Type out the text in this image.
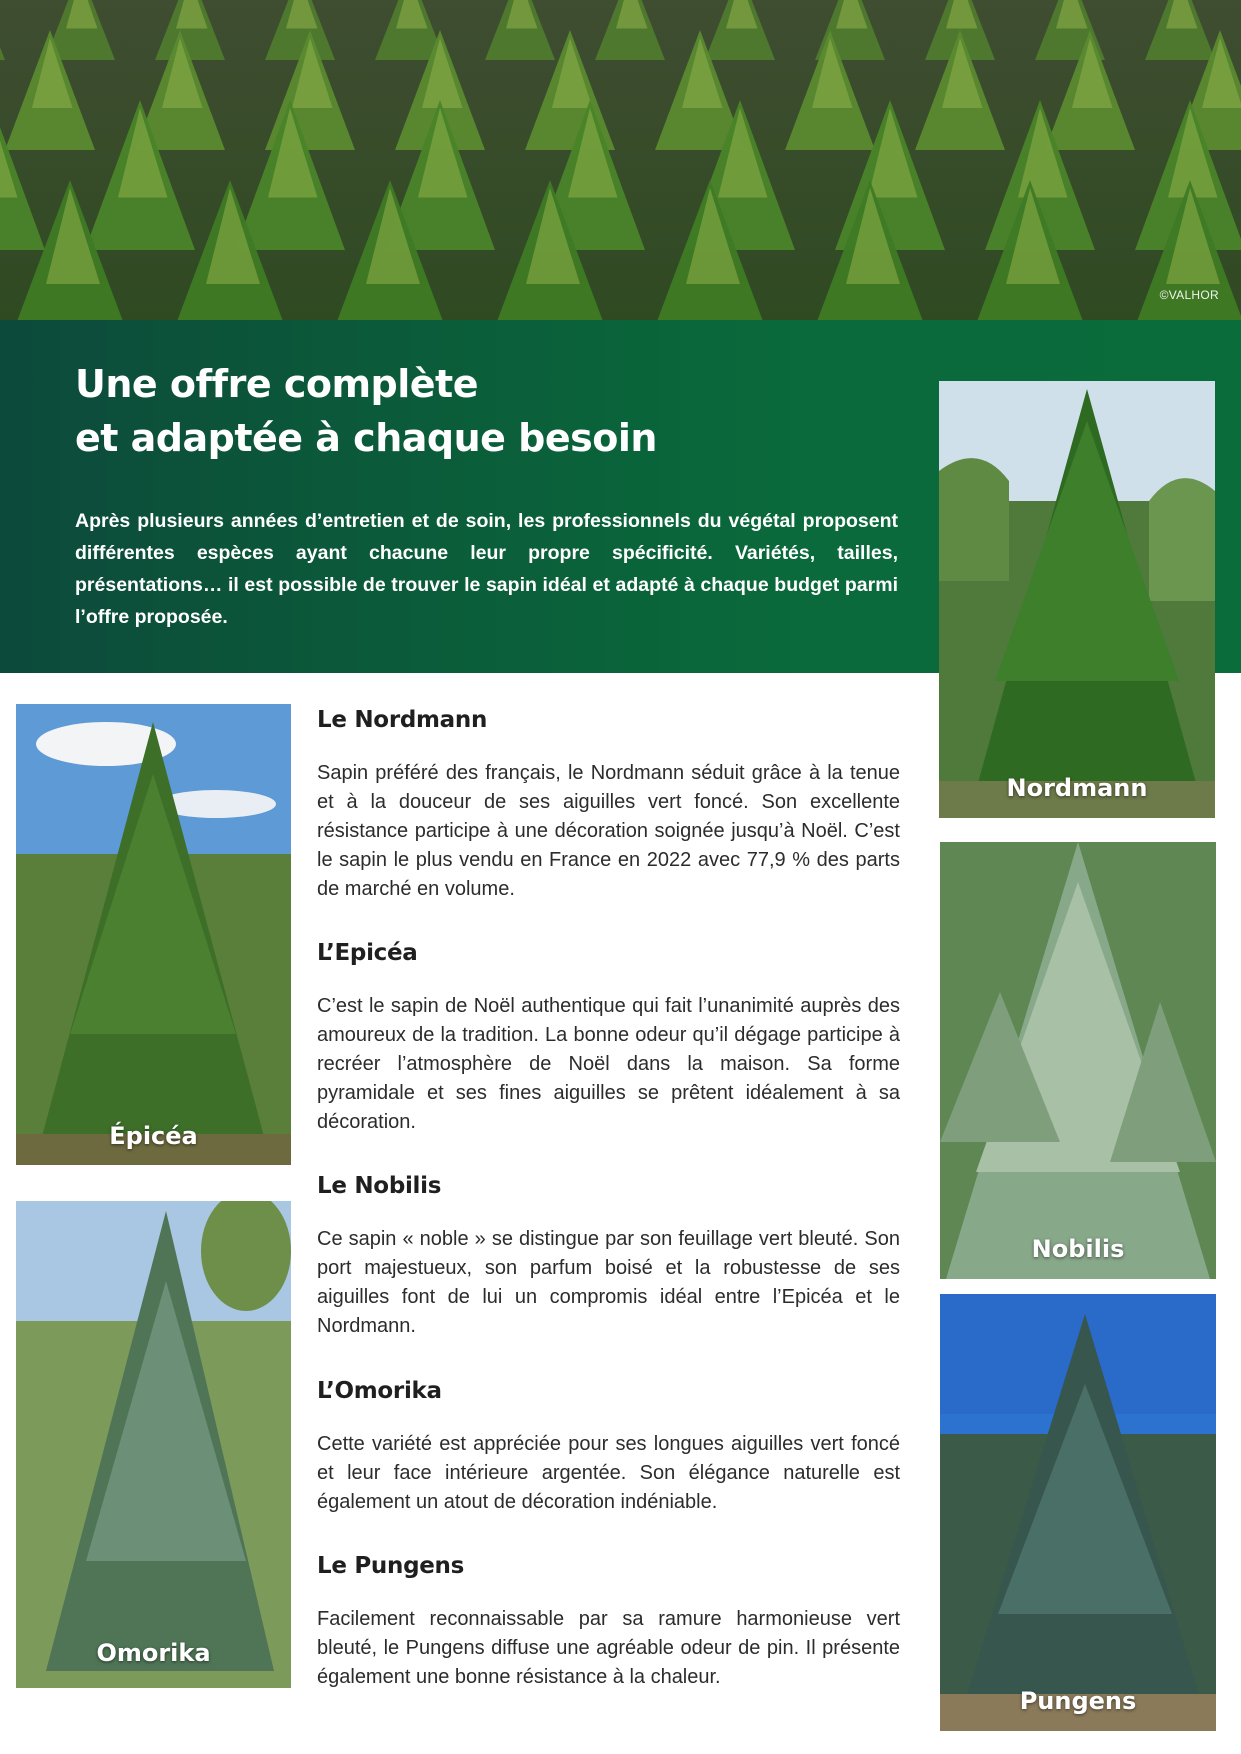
©VALHOR
Une offre complète
et adaptée à chaque besoin

Après plusieurs années d’entretien et de soin, les professionnels du végétal proposent différentes espèces ayant chacune leur propre spécificité. Variétés, tailles, présentations… il est possible de trouver le sapin idéal et adapté à chaque budget parmi l’offre proposée.

Nordmann
Épicéa
Nobilis
Omorika
Pungens
Le Nordmann

Sapin préféré des français, le Nordmann séduit grâce à la tenue et à la douceur de ses aiguilles vert foncé. Son excellente résistance participe à une décoration soignée jusqu’à Noël. C’est le sapin le plus vendu en France en 2022 avec 77,9 % des parts de marché en volume.

L’Epicéa

C’est le sapin de Noël authentique qui fait l’unanimité auprès des amoureux de la tradition. La bonne odeur qu’il dégage participe à recréer l’atmosphère de Noël dans la maison. Sa forme pyramidale et ses fines aiguilles se prêtent idéalement à sa décoration.

Le Nobilis

Ce sapin « noble » se distingue par son feuillage vert bleuté. Son port majestueux, son parfum boisé et la robustesse de ses aiguilles font de lui un compromis idéal entre l’Epicéa et le Nordmann.

L’Omorika

Cette variété est appréciée pour ses longues aiguilles vert foncé et leur face intérieure argentée. Son élégance naturelle est également un atout de décoration indéniable.

Le Pungens

Facilement reconnaissable par sa ramure harmonieuse vert bleuté, le Pungens diffuse une agréable odeur de pin. Il présente également une bonne résistance à la chaleur.
